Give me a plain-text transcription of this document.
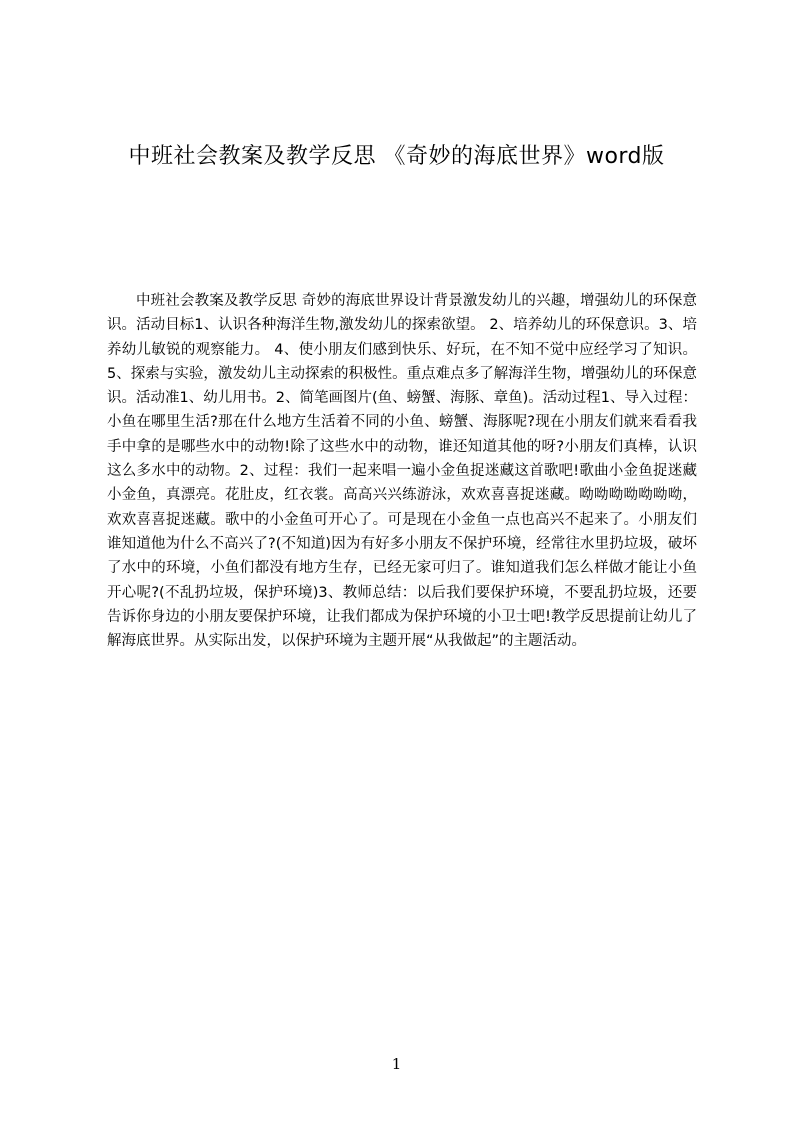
中班社会教案及教学反思 《奇妙的海底世界》word版
中班社会教案及教学反思 奇妙的海底世界设计背景激发幼儿的兴趣，增强幼儿的环保意识。活动目标1、认识各种海洋生物,激发幼儿的探索欲望。 2、培养幼儿的环保意识。3、培养幼儿敏锐的观察能力。 4、使小朋友们感到快乐、好玩，在不知不觉中应经学习了知识。5、探索与实验，激发幼儿主动探索的积极性。重点难点多了解海洋生物，增强幼儿的环保意识。活动准1、幼儿用书。2、简笔画图片(鱼、螃蟹、海豚、章鱼)。活动过程1、导入过程：小鱼在哪里生活?那在什么地方生活着不同的小鱼、螃蟹、海豚呢?现在小朋友们就来看看我手中拿的是哪些水中的动物!除了这些水中的动物，谁还知道其他的呀?小朋友们真棒，认识这么多水中的动物。2、过程：我们一起来唱一遍小金鱼捉迷藏这首歌吧!歌曲小金鱼捉迷藏小金鱼，真漂亮。花肚皮，红衣裳。高高兴兴练游泳，欢欢喜喜捉迷藏。呦呦呦呦呦呦呦，欢欢喜喜捉迷藏。歌中的小金鱼可开心了。可是现在小金鱼一点也高兴不起来了。小朋友们谁知道他为什么不高兴了?(不知道)因为有好多小朋友不保护环境，经常往水里扔垃圾，破坏了水中的环境，小鱼们都没有地方生存，已经无家可归了。谁知道我们怎么样做才能让小鱼开心呢?(不乱扔垃圾，保护环境)3、教师总结：以后我们要保护环境，不要乱扔垃圾，还要告诉你身边的小朋友要保护环境，让我们都成为保护环境的小卫士吧!教学反思提前让幼儿了解海底世界。从实际出发，以保护环境为主题开展“从我做起”的主题活动。
1
